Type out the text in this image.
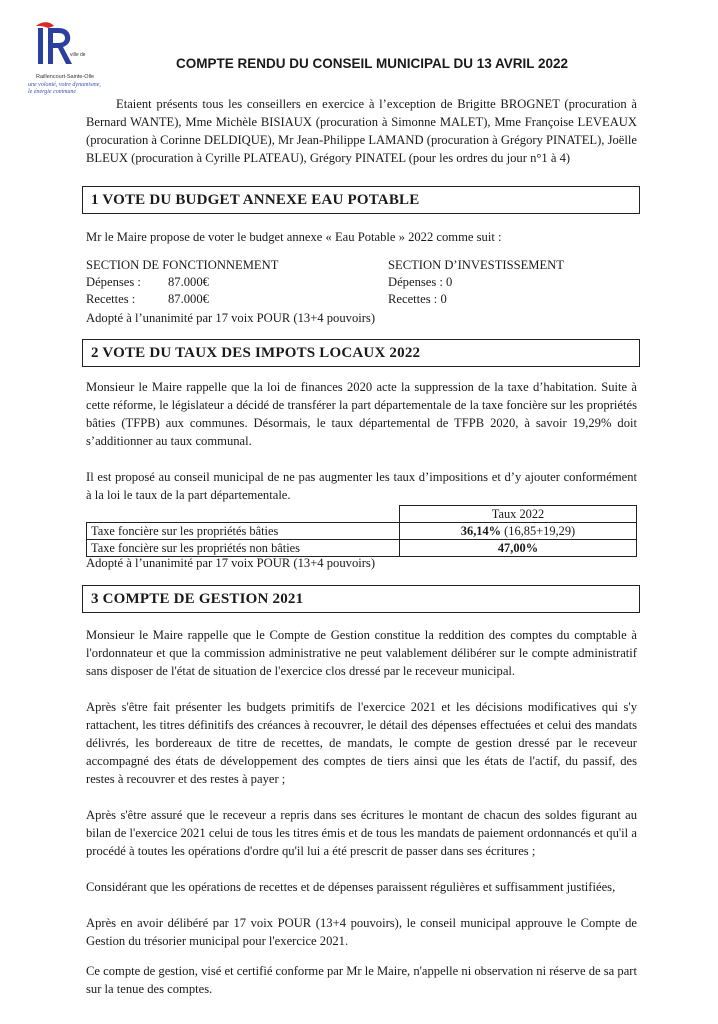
ville de
Raillencourt-Sainte-Olle
une volonté, votre dynamisme,
le énergie commune
COMPTE RENDU DU CONSEIL MUNICIPAL DU 13 AVRIL 2022
Etaient présents tous les conseillers en exercice à l’exception de Brigitte BROGNET (procuration à Bernard WANTE), Mme Michèle BISIAUX (procuration à Simonne MALET), Mme Françoise LEVEAUX (procuration à Corinne DELDIQUE), Mr Jean-Philippe LAMAND (procuration à Grégory PINATEL), Joëlle BLEUX (procuration à Cyrille PLATEAU), Grégory PINATEL (pour les ordres du jour n°1 à 4)
1 VOTE DU BUDGET ANNEXE EAU POTABLE
Mr le Maire propose de voter le budget annexe « Eau Potable » 2022 comme suit :
SECTION DE FONCTIONNEMENT
Dépenses :	87.000€
Recettes :	87.000€
SECTION D’INVESTISSEMENT
Dépenses : 0
Recettes : 0
Adopté à l’unanimité par 17 voix POUR (13+4 pouvoirs)
2 VOTE DU TAUX DES IMPOTS LOCAUX 2022
Monsieur le Maire rappelle que la loi de finances 2020 acte la suppression de la taxe d’habitation. Suite à cette réforme, le législateur a décidé de transférer la part départementale de la taxe foncière sur les propriétés bâties (TFPB) aux communes. Désormais, le taux départemental de TFPB 2020, à savoir 19,29% doit s’additionner au taux communal.
Il est proposé au conseil municipal de ne pas augmenter les taux d’impositions et d’y ajouter conformément à la loi le taux de la part départementale.
	Taux 2022
Taxe foncière sur les propriétés bâties	36,14% (16,85+19,29)
Taxe foncière sur les propriétés non bâties	47,00%
Adopté à l’unanimité par 17 voix POUR (13+4 pouvoirs)
3 COMPTE DE GESTION 2021
Monsieur le Maire rappelle que le Compte de Gestion constitue la reddition des comptes du comptable à l'ordonnateur et que la commission administrative ne peut valablement délibérer sur le compte administratif sans disposer de l'état de situation de l'exercice clos dressé par le receveur municipal.
Après s'être fait présenter les budgets primitifs de l'exercice 2021 et les décisions modificatives qui s'y rattachent, les titres définitifs des créances à recouvrer, le détail des dépenses effectuées et celui des mandats délivrés, les bordereaux de titre de recettes, de mandats, le compte de gestion dressé par le receveur accompagné des états de développement des comptes de tiers ainsi que les états de l'actif, du passif, des restes à recouvrer et des restes à payer ;
Après s'être assuré que le receveur a repris dans ses écritures le montant de chacun des soldes figurant au bilan de l'exercice 2021 celui de tous les titres émis et de tous les mandats de paiement ordonnancés et qu'il a procédé à toutes les opérations d'ordre qu'il lui a été prescrit de passer dans ses écritures ;
Considérant que les opérations de recettes et de dépenses paraissent régulières et suffisamment justifiées,
Après en avoir délibéré par 17 voix POUR (13+4 pouvoirs), le conseil municipal approuve le Compte de Gestion du trésorier municipal pour l'exercice 2021.
Ce compte de gestion, visé et certifié conforme par Mr le Maire, n'appelle ni observation ni réserve de sa part sur la tenue des comptes.
